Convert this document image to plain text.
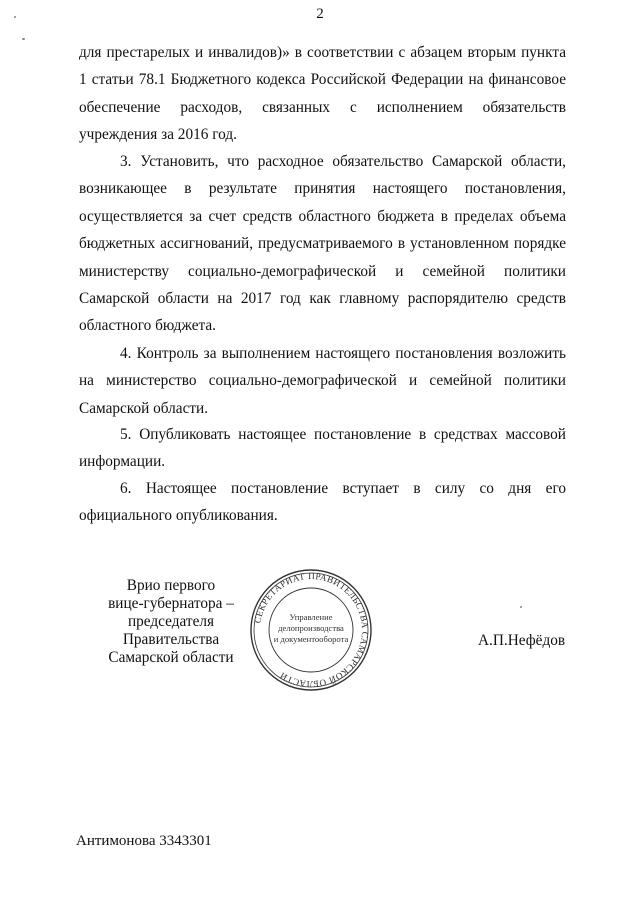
2

для престарелых и инвалидов)» в соответствии с абзацем вторым пункта 1 статьи 78.1 Бюджетного кодекса Российской Федерации на финансовое обеспечение расходов, связанных с исполнением обязательств учреждения за 2016 год.

3. Установить, что расходное обязательство Самарской области, возникающее в результате принятия настоящего постановления, осуществляется за счет средств областного бюджета в пределах объема бюджетных ассигнований, предусматриваемого в установленном порядке министерству социально-демографической и семейной политики Самарской области на 2017 год как главному распорядителю средств областного бюджета.

4. Контроль за выполнением настоящего постановления возложить на министерство социально-демографической и семейной политики Самарской области.

5. Опубликовать настоящее постановление в средствах массовой информации.

6. Настоящее постановление вступает в силу со дня его официального опубликования.

Врио первого
вице-губернатора –
председателя Правительства
Самарской области
СЕКРЕТАРИАТ ПРАВИТЕЛЬСТВА САМАРСКОЙ ОБЛАСТИ
Управление
делопроизводства
и документооборота	А.П.Нефёдов
Антимонова 3343301
